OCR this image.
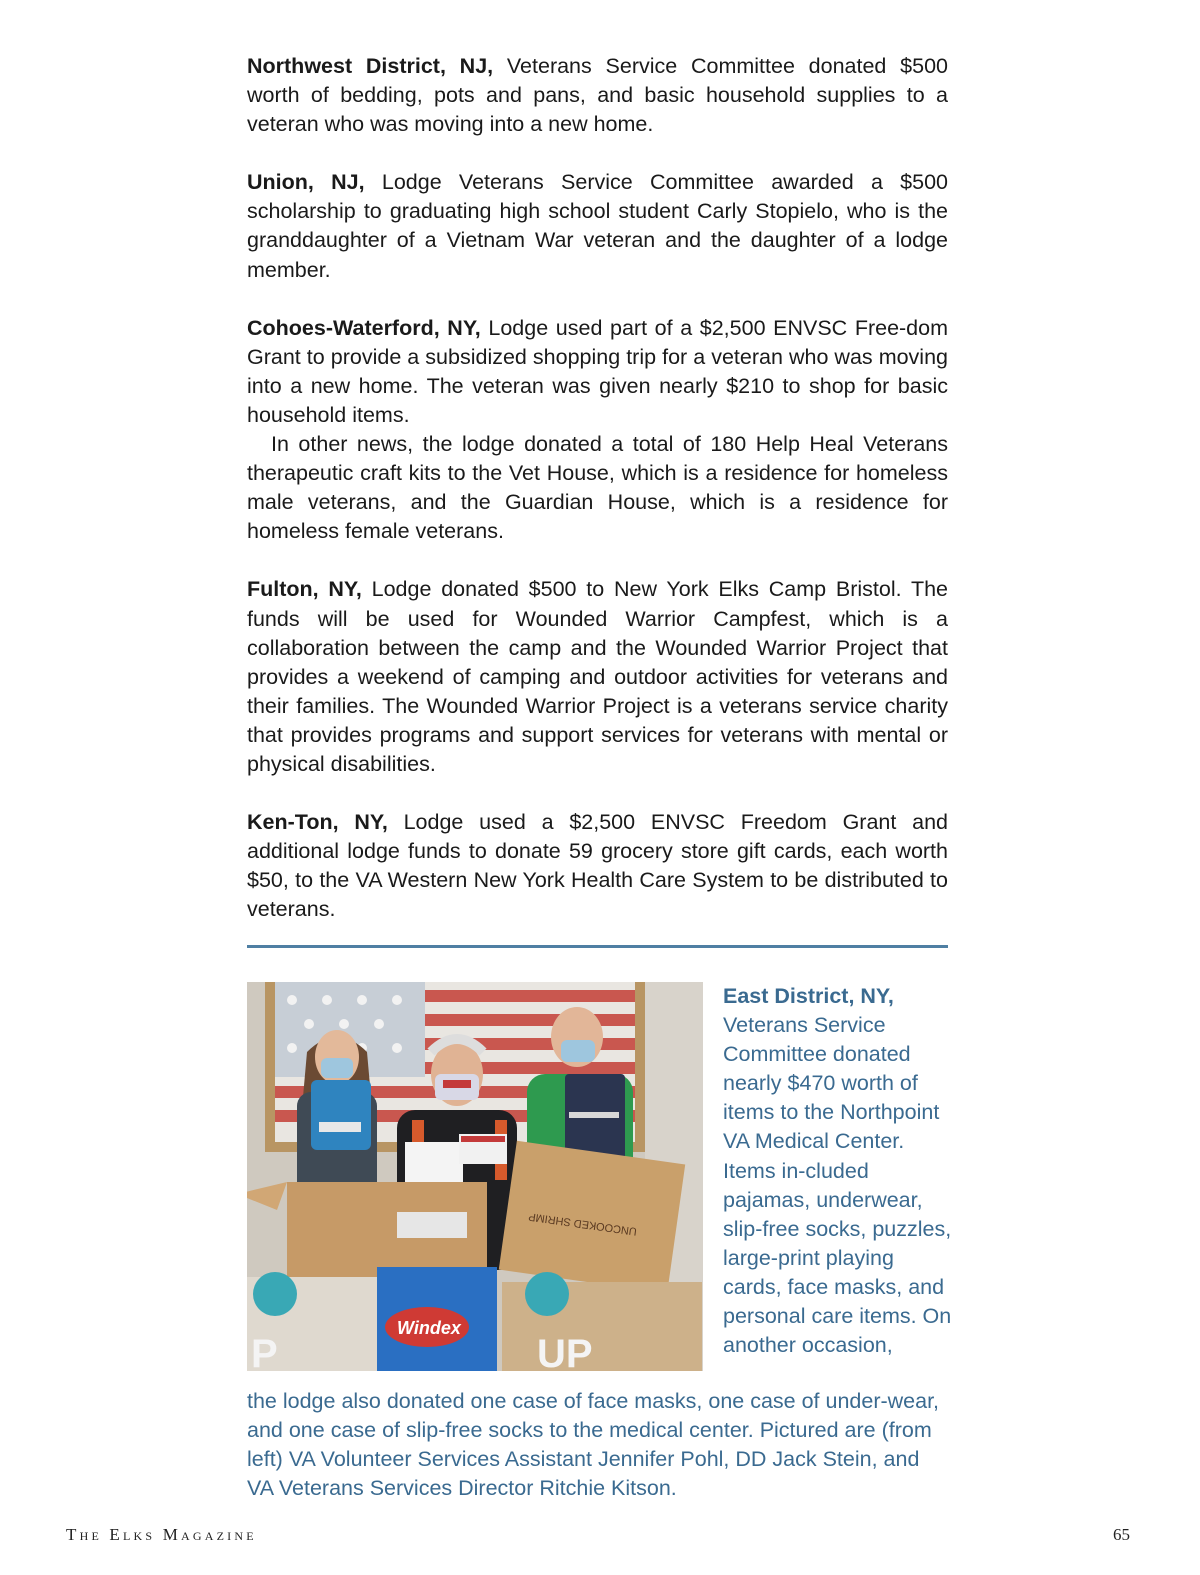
Northwest District, NJ, Veterans Service Committee donated $500 worth of bedding, pots and pans, and basic household supplies to a veteran who was moving into a new home.

Union, NJ, Lodge Veterans Service Committee awarded a $500 scholarship to graduating high school student Carly Stopielo, who is the granddaughter of a Vietnam War veteran and the daughter of a lodge member.

Cohoes-Waterford, NY, Lodge used part of a $2,500 ENVSC Free-dom Grant to provide a subsidized shopping trip for a veteran who was moving into a new home. The veteran was given nearly $210 to shop for basic household items.

In other news, the lodge donated a total of 180 Help Heal Veterans therapeutic craft kits to the Vet House, which is a residence for homeless male veterans, and the Guardian House, which is a residence for homeless female veterans.

Fulton, NY, Lodge donated $500 to New York Elks Camp Bristol. The funds will be used for Wounded Warrior Campfest, which is a collaboration between the camp and the Wounded Warrior Project that provides a weekend of camping and outdoor activities for veterans and their families. The Wounded Warrior Project is a veterans service charity that provides programs and support services for veterans with mental or physical disabilities.

Ken-Ton, NY, Lodge used a $2,500 ENVSC Freedom Grant and additional lodge funds to donate 59 grocery store gift cards, each worth $50, to the VA Western New York Health Care System to be distributed to veterans.

UNCOOKED SHRIMP
P
Windex
UP

East District, NY,
Veterans Service Committee donated nearly $470 worth of items to the Northpoint VA Medical Center. Items in-cluded pajamas, underwear, slip-free socks, puzzles, large-print playing cards, face masks, and personal care items. On another occasion,

the lodge also donated one case of face masks, one case of under-wear, and one case of slip-free socks to the medical center. Pictured are (from left) VA Volunteer Services Assistant Jennifer Pohl, DD Jack Stein, and VA Veterans Services Director Ritchie Kitson.

The Elks Magazine	65
